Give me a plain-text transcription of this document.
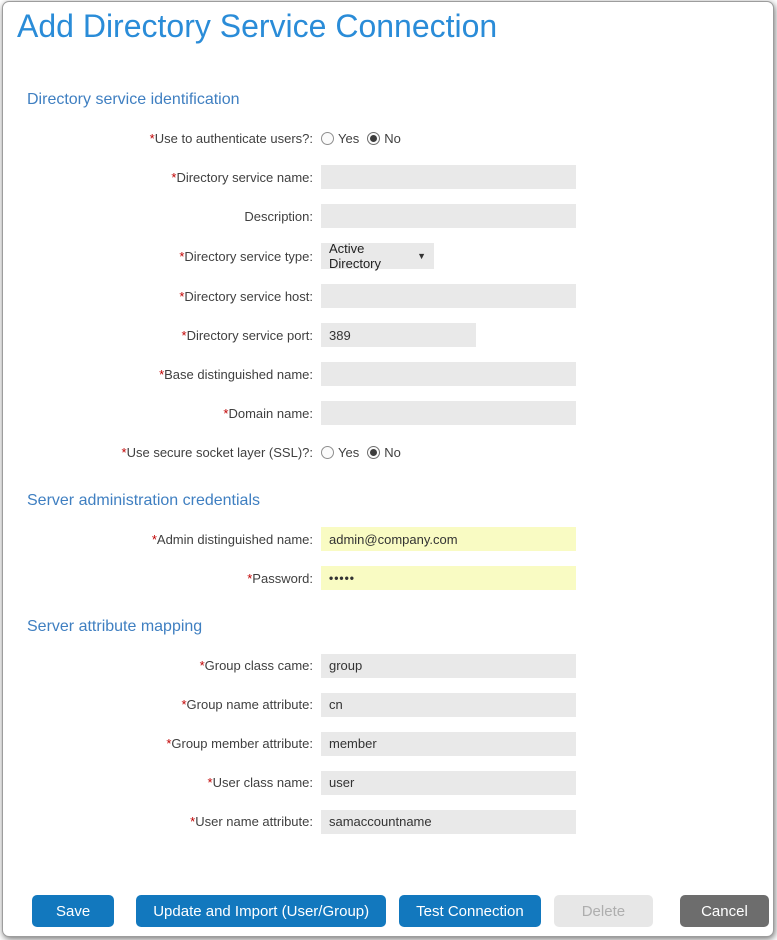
Add Directory Service Connection
Directory service identification
*Use to authenticate users?: Yes No
*Directory service name:
Description:
*Directory service type: Active Directory	▼
*Directory service host:
*Directory service port:
389
*Base distinguished name:
*Domain name:
*Use secure socket layer (SSL)?: Yes No
Server administration credentials
*Admin distinguished name:
admin@company.com
*Password:
•••••
Server attribute mapping
*Group class came:
group
*Group name attribute:
cn
*Group member attribute:
member
*User class name:
user
*User name attribute:
samaccountname
Save	Update and Import (User/Group)	Test Connection	Delete	Cancel
